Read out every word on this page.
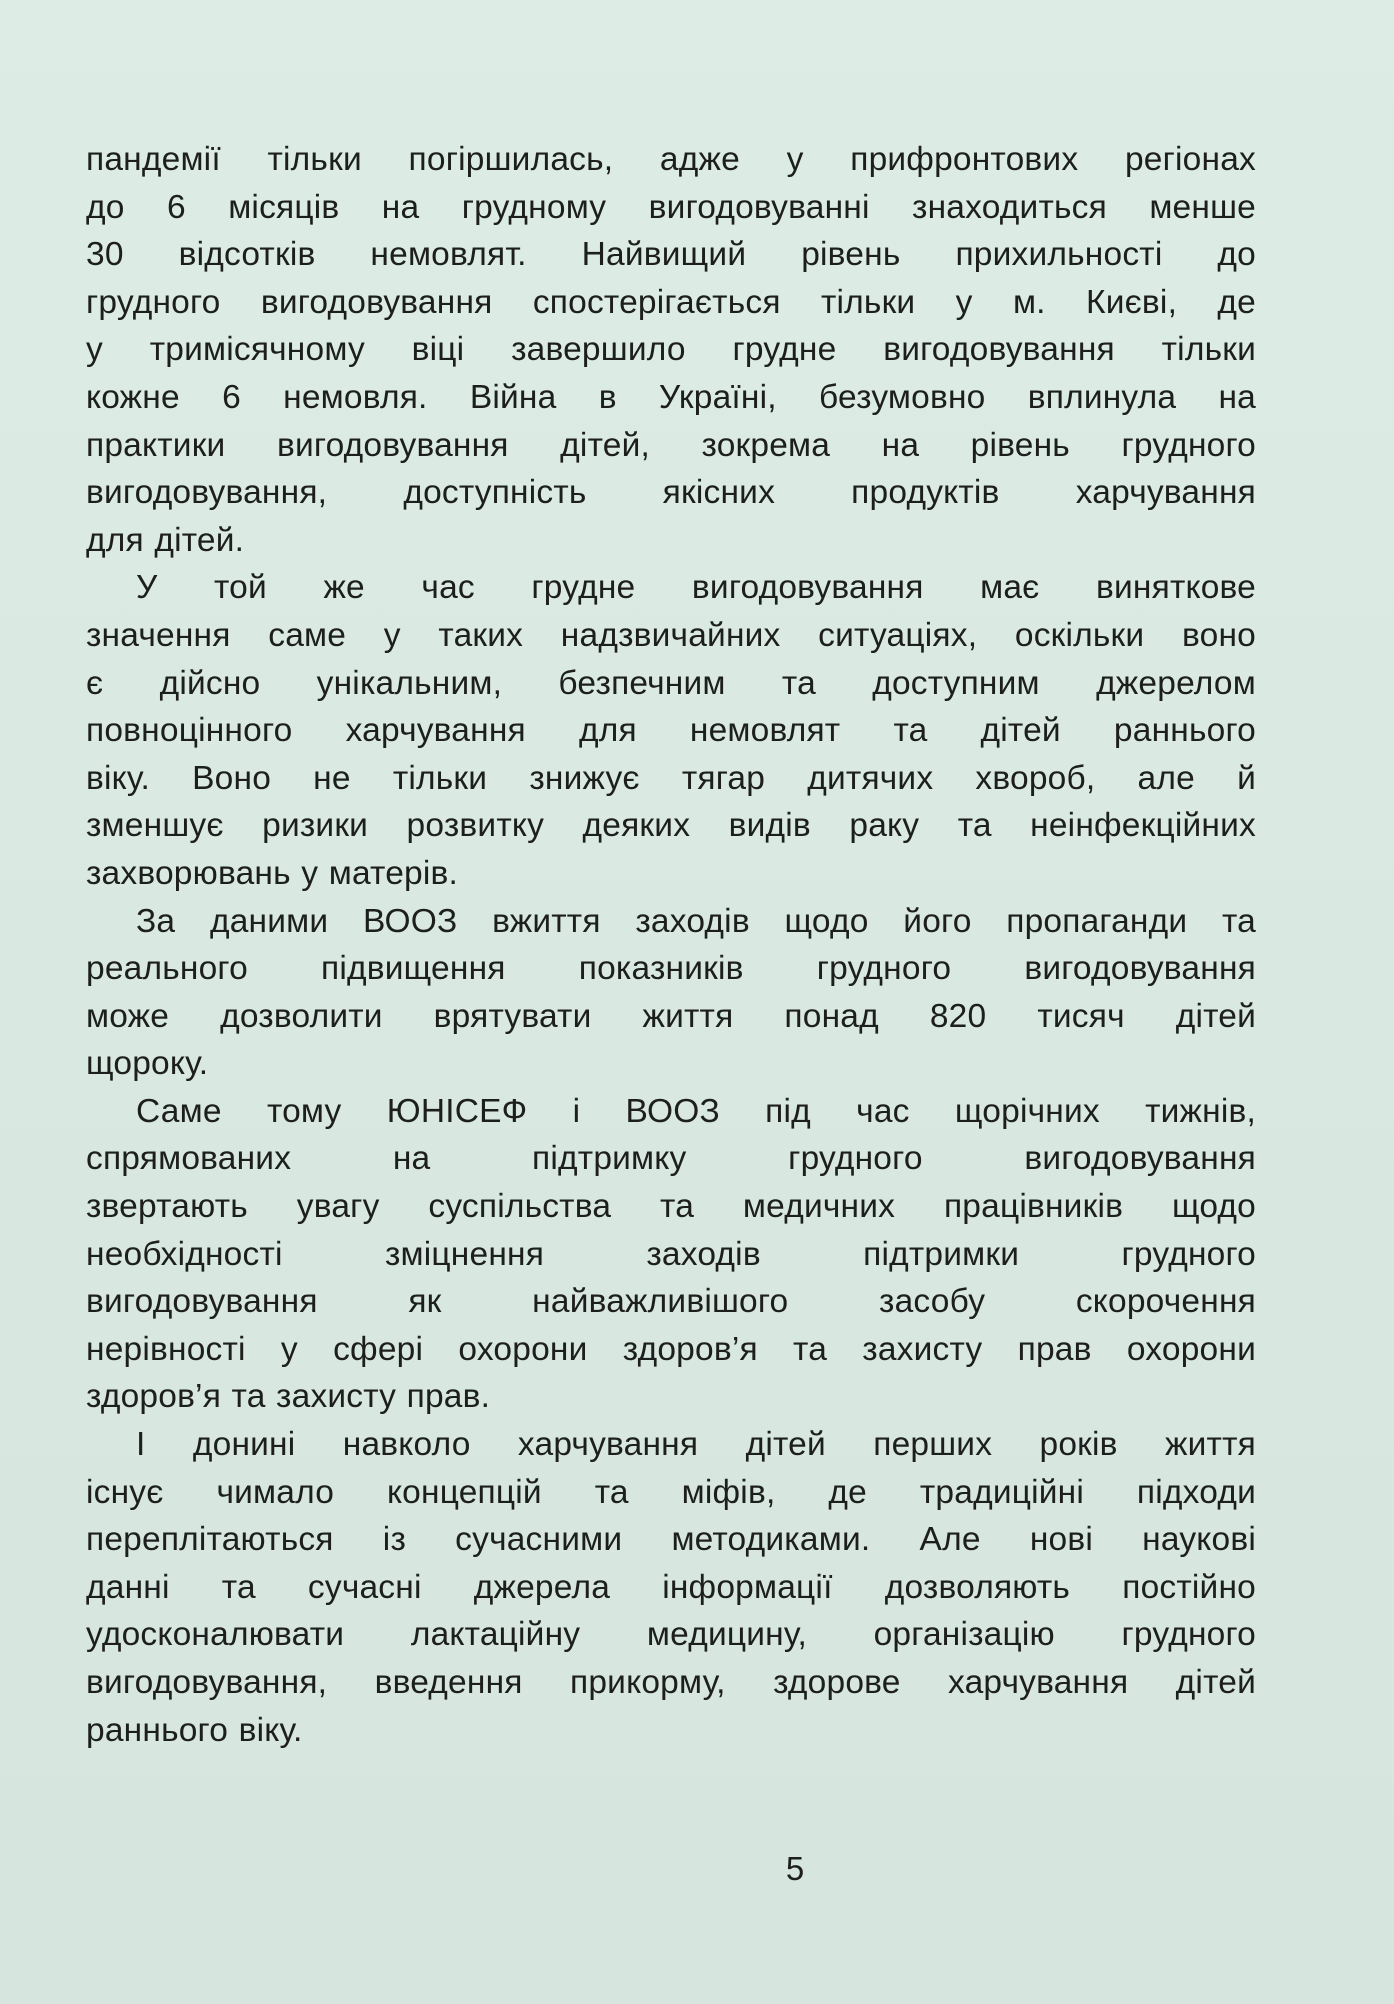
пандемії тільки погіршилась, адже у прифронтових регіонах
до 6 місяців на грудному вигодовуванні знаходиться менше
30 відсотків немовлят. Найвищий рівень прихильності до
грудного вигодовування спостерігається тільки у м. Києві, де
у тримісячному віці завершило грудне вигодовування тільки
кожне 6 немовля. Війна в Україні, безумовно вплинула на
практики вигодовування дітей, зокрема на рівень грудного
вигодовування, доступність якісних продуктів харчування
для дітей.
У той же час грудне вигодовування має виняткове
значення саме у таких надзвичайних ситуаціях, оскільки воно
є дійсно унікальним, безпечним та доступним джерелом
повноцінного харчування для немовлят та дітей раннього
віку. Воно не тільки знижує тягар дитячих хвороб, але й
зменшує ризики розвитку деяких видів раку та неінфекційних
захворювань у матерів.
За даними ВООЗ вжиття заходів щодо його пропаганди та
реального підвищення показників грудного вигодовування
може дозволити врятувати життя понад 820 тисяч дітей
щороку.
Саме тому ЮНІСЕФ і ВООЗ під час щорічних тижнів,
спрямованих на підтримку грудного вигодовування
звертають увагу суспільства та медичних працівників щодо
необхідності зміцнення заходів підтримки грудного
вигодовування як найважливішого засобу скорочення
нерівності у сфері охорони здоров’я та захисту прав охорони
здоров’я та захисту прав.
І донині навколо харчування дітей перших років життя
існує чимало концепцій та міфів, де традиційні підходи
переплітаються із сучасними методиками. Але нові наукові
данні та сучасні джерела інформації дозволяють постійно
удосконалювати лактаційну медицину, організацію грудного
вигодовування, введення прикорму, здорове харчування дітей
раннього віку.
5
